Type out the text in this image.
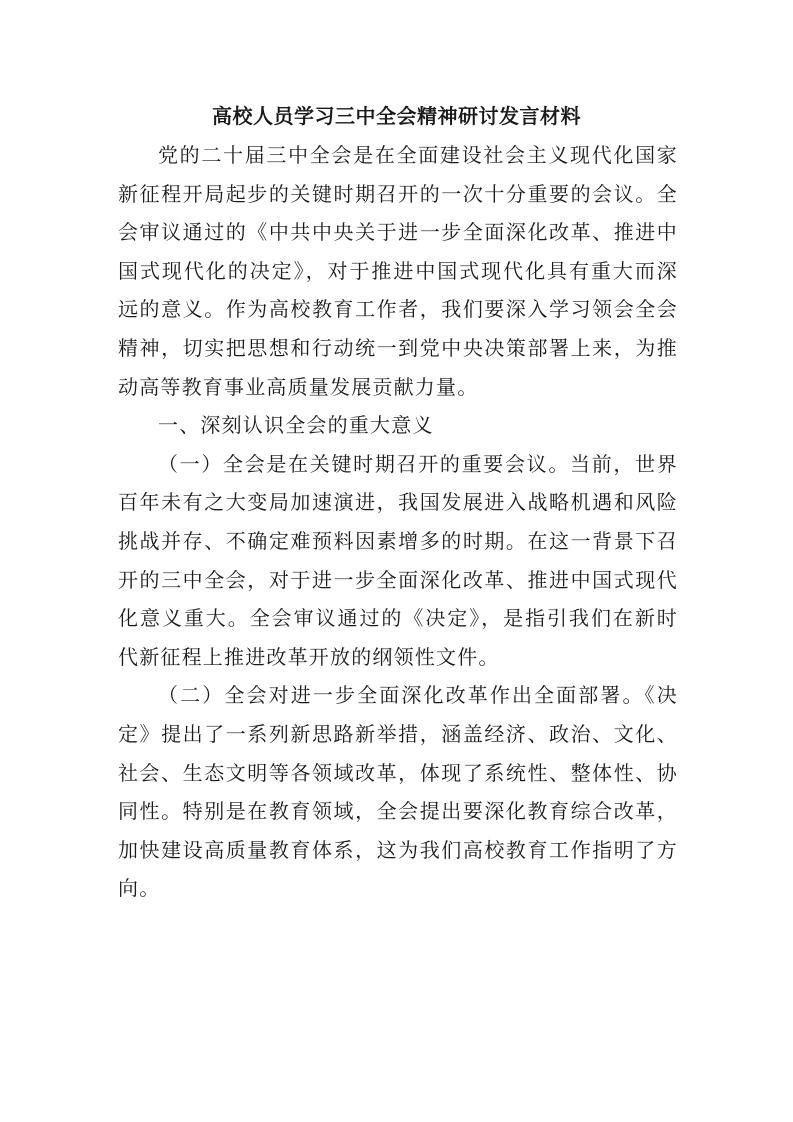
高校人员学习三中全会精神研讨发言材料

党的二十届三中全会是在全面建设社会主义现代化国家新征程开局起步的关键时期召开的一次十分重要的会议。全会审议通过的《中共中央关于进一步全面深化改革、推进中国式现代化的决定》，对于推进中国式现代化具有重大而深远的意义。作为高校教育工作者，我们要深入学习领会全会精神，切实把思想和行动统一到党中央决策部署上来，为推动高等教育事业高质量发展贡献力量。

一、深刻认识全会的重大意义

（一）全会是在关键时期召开的重要会议。当前，世界百年未有之大变局加速演进，我国发展进入战略机遇和风险挑战并存、不确定难预料因素增多的时期。在这一背景下召开的三中全会，对于进一步全面深化改革、推进中国式现代化意义重大。全会审议通过的《决定》，是指引我们在新时代新征程上推进改革开放的纲领性文件。

（二）全会对进一步全面深化改革作出全面部署。《决定》提出了一系列新思路新举措，涵盖经济、政治、文化、社会、生态文明等各领域改革，体现了系统性、整体性、协同性。特别是在教育领域，全会提出要深化教育综合改革，加快建设高质量教育体系，这为我们高校教育工作指明了方向。
